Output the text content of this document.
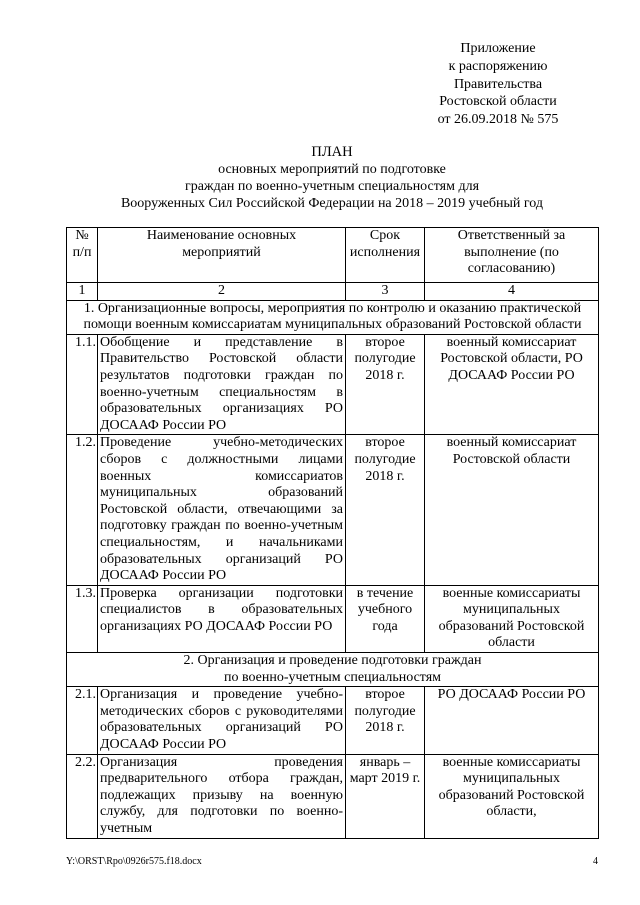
Приложение
к распоряжению
Правительства
Ростовской области
от 26.09.2018 № 575
ПЛАН
основных мероприятий по подготовке
граждан по военно-учетным специальностям для
Вооруженных Сил Российской Федерации на 2018 – 2019 учебный год
№ п/п	Наименование основных мероприятий	Срок исполнения	Ответственный за выполнение (по согласованию)
1	2	3	4
1. Организационные вопросы, мероприятия по контролю и оказанию практической помощи военным комиссариатам муниципальных образований Ростовской области			
1.1.	Обобщение и представление в Правительство Ростовской области результатов подготовки граждан по военно-учетным специальностям в образовательных организациях РО ДОСААФ России РО	второе полугодие 2018 г.	военный комиссариат Ростовской области, РО ДОСААФ России РО
1.2.	Проведение учебно-методических сборов с должностными лицами военных комиссариатов муниципальных образований Ростовской области, отвечающими за подготовку граждан по военно-учетным специальностям, и начальниками образовательных организаций РО ДОСААФ России РО	второе полугодие 2018 г.	военный комиссариат Ростовской области
1.3.	Проверка организации подготовки специалистов в образовательных организациях РО ДОСААФ России РО	в течение учебного года	военные комиссариаты муниципальных образований Ростовской области
2. Организация и проведение подготовки граждан по военно-учетным специальностям			
2.1.	Организация и проведение учебно-методических сборов с руководителями образовательных организаций РО ДОСААФ России РО	второе полугодие 2018 г.	РО ДОСААФ России РО
2.2.	Организация проведения предварительного отбора граждан, подлежащих призыву на военную службу, для подготовки по военно-учетным	январь – март 2019 г.	военные комиссариаты муниципальных образований Ростовской области,
Y:\ORST\Rpo\0926r575.f18.docx	4
